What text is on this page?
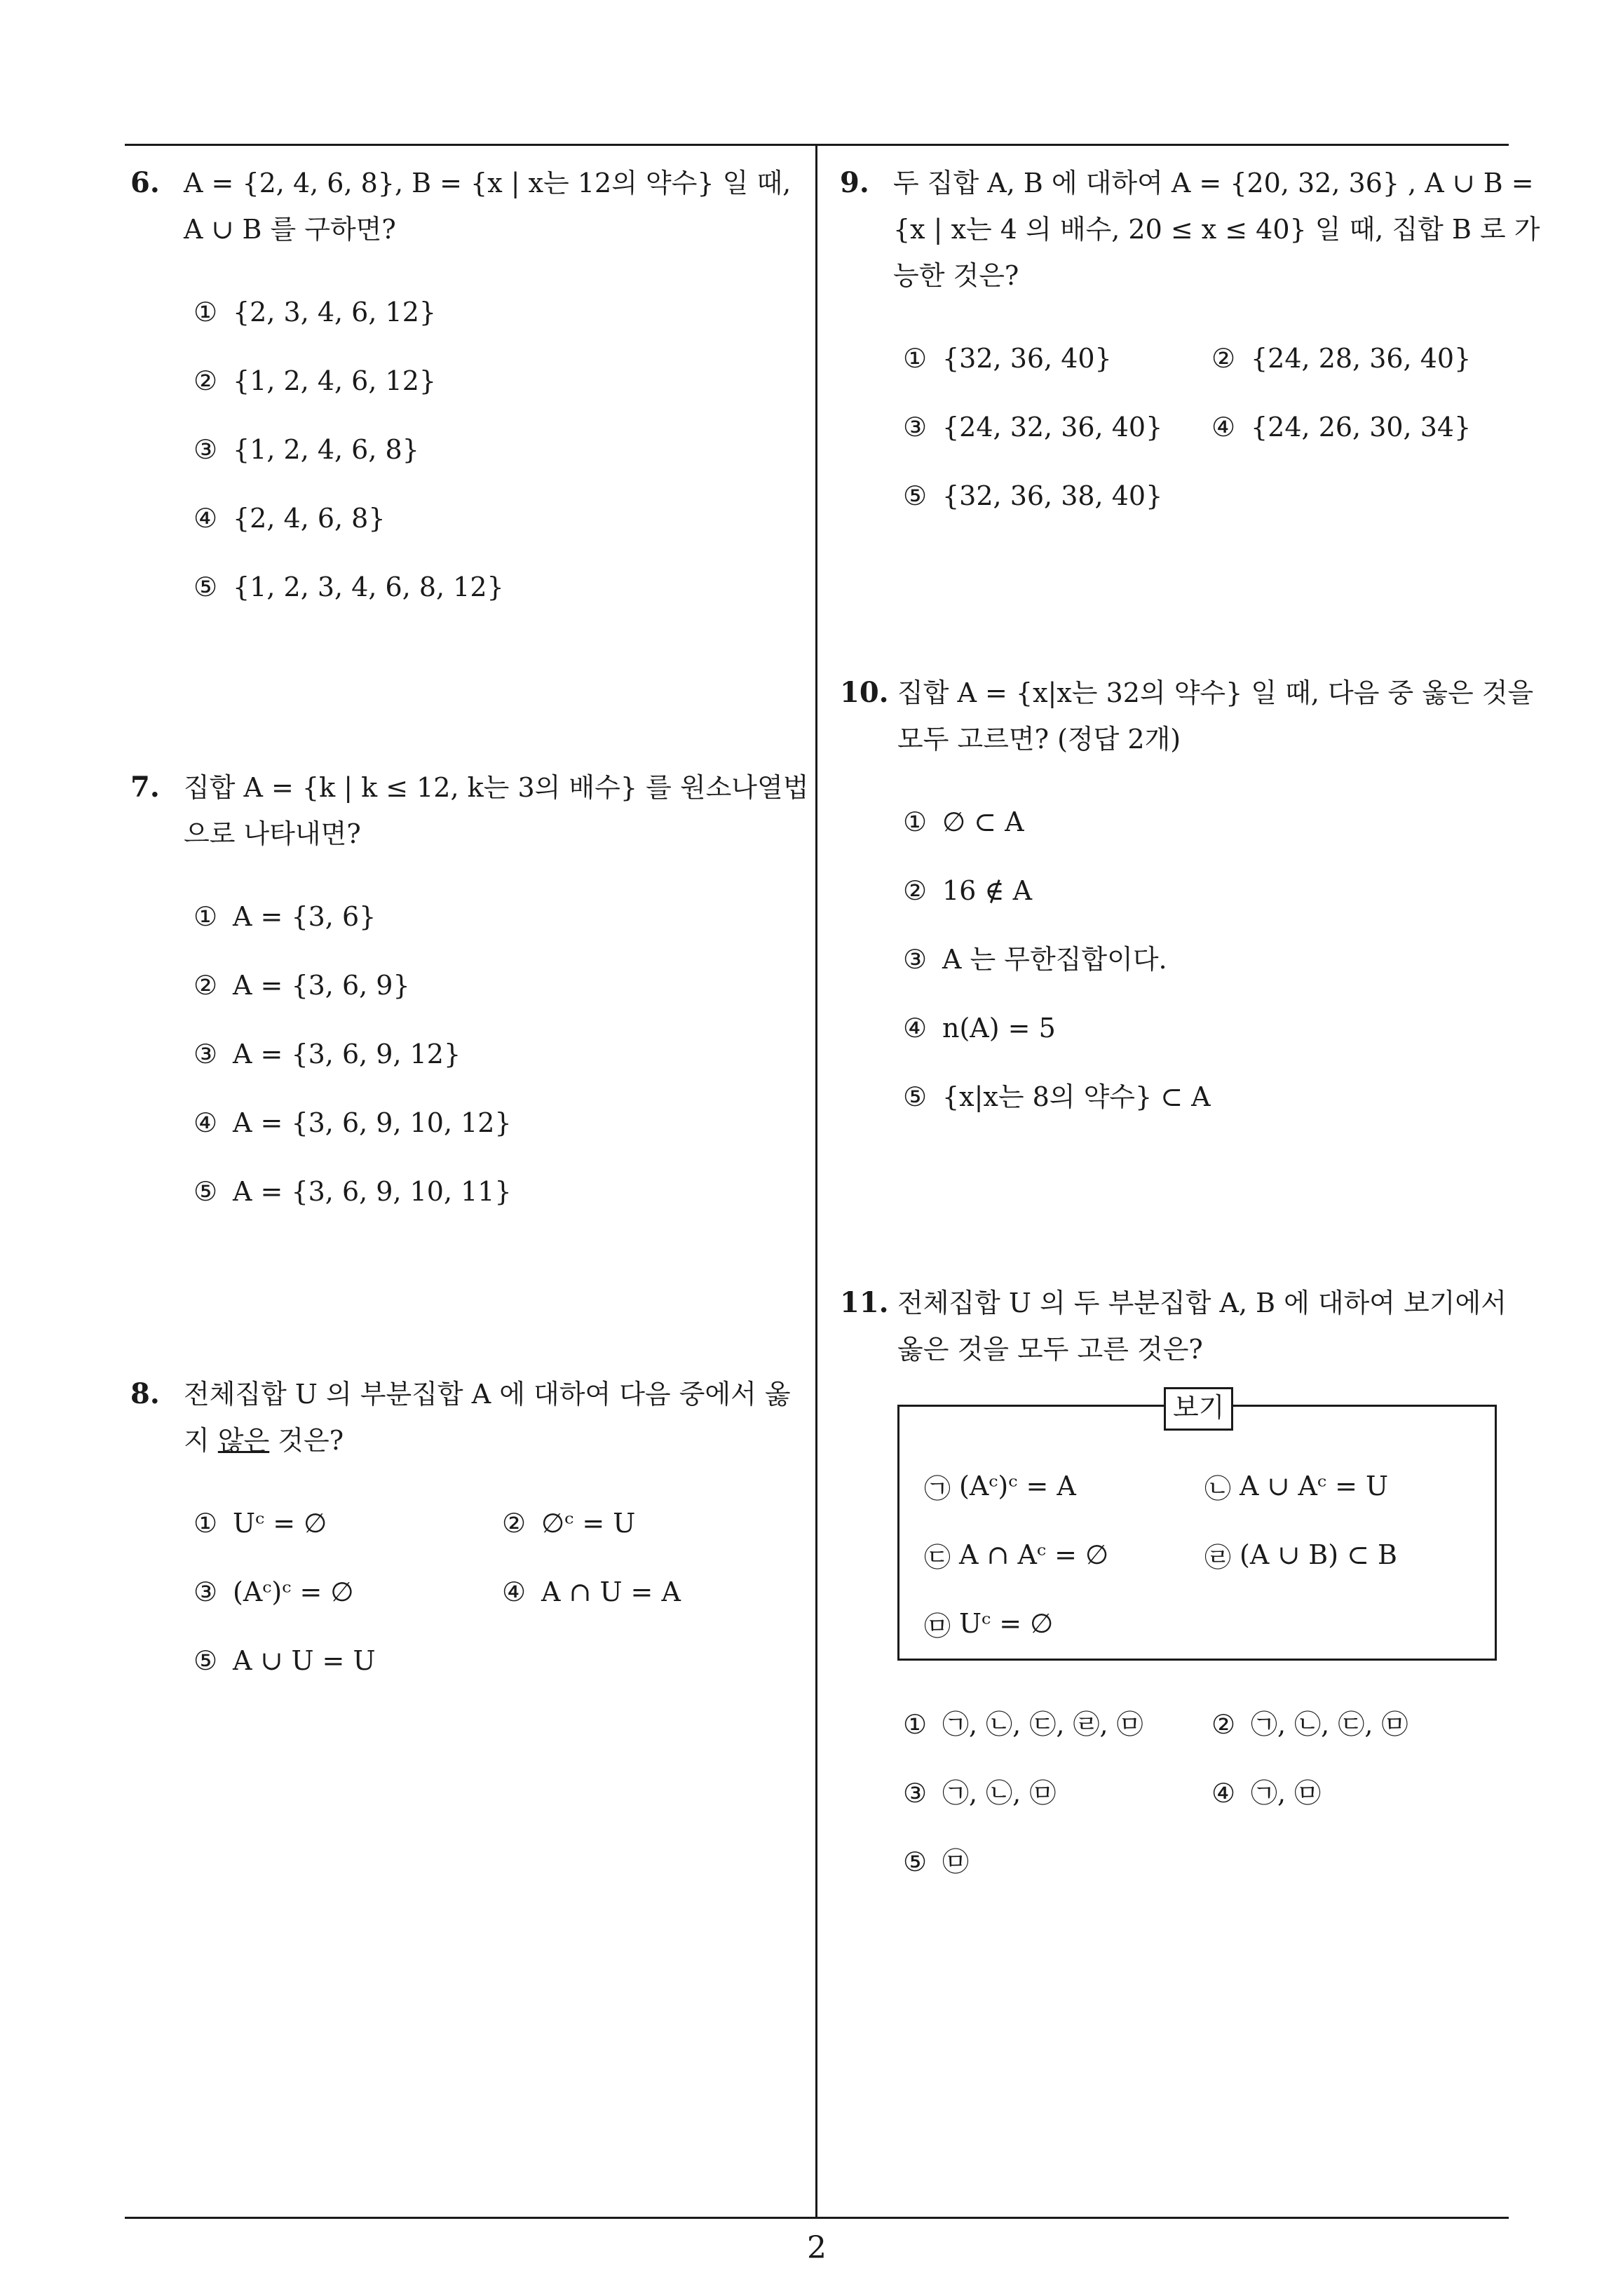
6. A = {2, 4, 6, 8}, B = {x | x는 12의 약수} 일 때,
A ∪ B 를 구하면?
① {2, 3, 4, 6, 12}
② {1, 2, 4, 6, 12}
③ {1, 2, 4, 6, 8}
④ {2, 4, 6, 8}
⑤ {1, 2, 3, 4, 6, 8, 12}
7. 집합 A = {k | k ≤ 12, k는 3의 배수} 를 원소나열법
으로 나타내면?
① A = {3, 6}
② A = {3, 6, 9}
③ A = {3, 6, 9, 12}
④ A = {3, 6, 9, 10, 12}
⑤ A = {3, 6, 9, 10, 11}
8. 전체집합 U 의 부분집합 A 에 대하여 다음 중에서 옳
지 않은 것은?
① Uᶜ = ∅	② ∅ᶜ = U
③ (Aᶜ)ᶜ = ∅	④ A ∩ U = A
⑤ A ∪ U = U
9. 두 집합 A, B 에 대하여 A = {20, 32, 36} , A ∪ B =
{x | x는 4 의 배수, 20 ≤ x ≤ 40} 일 때, 집합 B 로 가
능한 것은?
① {32, 36, 40}	② {24, 28, 36, 40}
③ {24, 32, 36, 40} ④ {24, 26, 30, 34}
⑤ {32, 36, 38, 40}
10. 집합 A = {x|x는 32의 약수} 일 때, 다음 중 옳은 것을
모두 고르면? (정답 2개)
① ∅ ⊂ A
② 16 ∉ A
③ A 는 무한집합이다.
④ n(A) = 5
⑤ {x|x는 8의 약수} ⊂ A
11. 전체집합 U 의 두 부분집합 A, B 에 대하여 보기에서
옳은 것을 모두 고른 것은?
보기
㉠ (Aᶜ)ᶜ = A	㉡ A ∪ Aᶜ = U
㉢ A ∩ Aᶜ = ∅	㉣ (A ∪ B) ⊂ B
㉤ Uᶜ = ∅
① ㉠, ㉡, ㉢, ㉣, ㉤	② ㉠, ㉡, ㉢, ㉤
③ ㉠, ㉡, ㉤	④ ㉠, ㉤
⑤ ㉤
2
